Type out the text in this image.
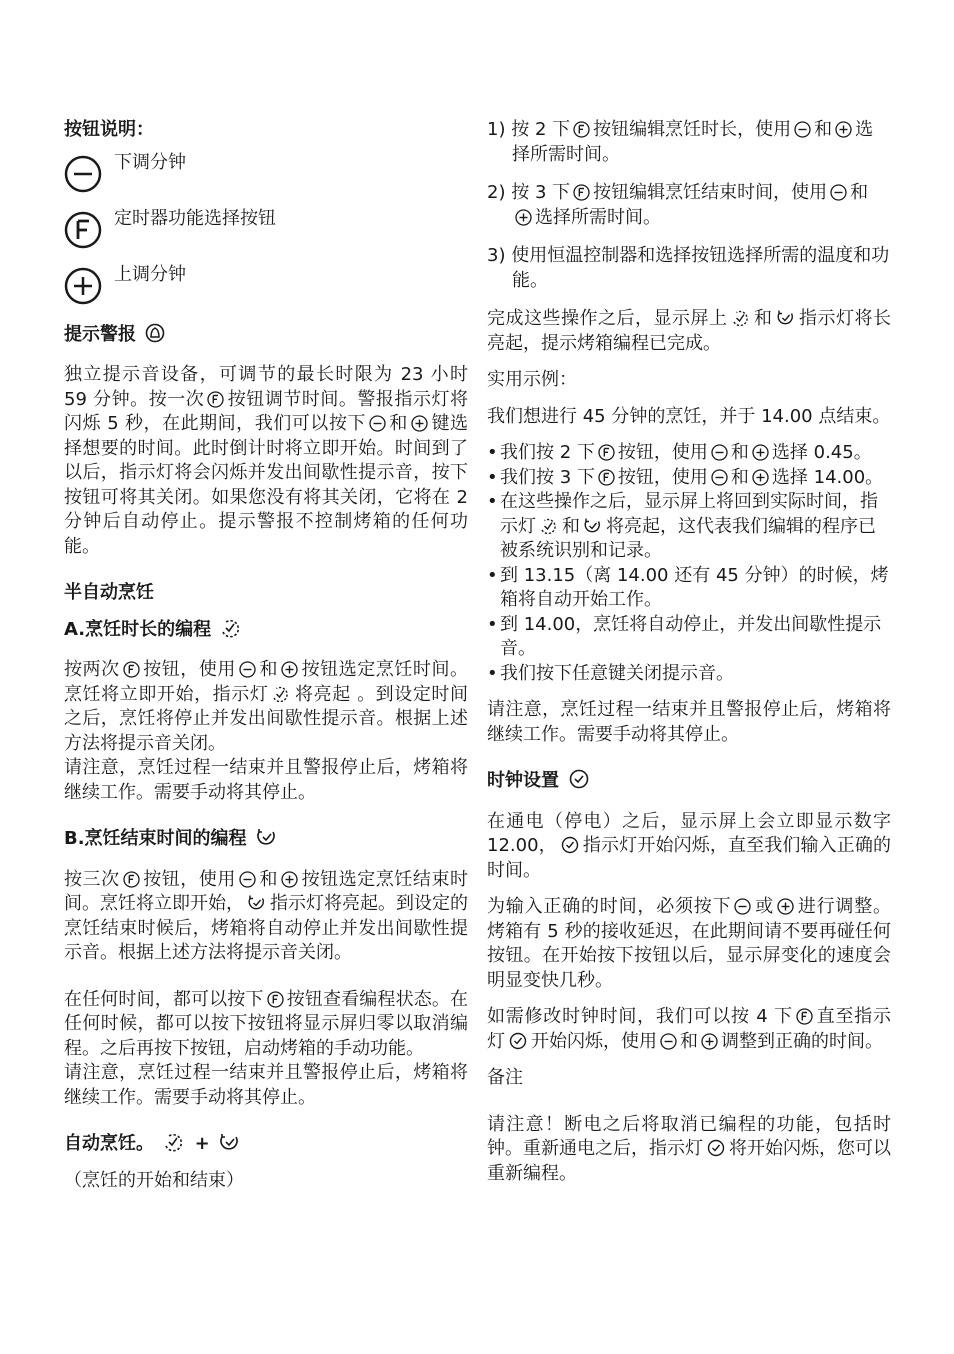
按钮说明：
下调分钟
定时器功能选择按钮
上调分钟
提示警报

独立提示音设备，可调节的最长时限为 23 小时 59 分钟。按一次 按钮调节时间。警报指示灯将闪烁 5 秒，在此期间，我们可以按下 和 键选择想要的时间。此时倒计时将立即开始。时间到了以后，指示灯将会闪烁并发出间歇性提示音，按下按钮可将其关闭。如果您没有将其关闭，它将在 2 分钟后自动停止。提示警报不控制烤箱的任何功能。

半自动烹饪
A.烹饪时长的编程

按两次 按钮，使用 和 按钮选定烹饪时间。烹饪将立即开始，指示灯 将亮起 。到设定时间之后，烹饪将停止并发出间歇性提示音。根据上述方法将提示音关闭。

请注意，烹饪过程一结束并且警报停止后，烤箱将继续工作。需要手动将其停止。

B.烹饪结束时间的编程

按三次 按钮，使用 和 按钮选定烹饪结束时间。烹饪将立即开始， 指示灯将亮起。到设定的烹饪结束时候后，烤箱将自动停止并发出间歇性提示音。根据上述方法将提示音关闭。

在任何时间，都可以按下 按钮查看编程状态。在任何时候，都可以按下按钮将显示屏归零以取消编程。之后再按下按钮，启动烤箱的手动功能。

请注意，烹饪过程一结束并且警报停止后，烤箱将继续工作。需要手动将其停止。

自动烹饪。 +

（烹饪的开始和结束）

1) 按 2 下 按钮编辑烹饪时长，使用 和 选择所需时间。
2) 按 3 下 按钮编辑烹饪结束时间，使用 和选择所需时间。
3) 使用恒温控制器和选择按钮选择所需的温度和功能。

完成这些操作之后，显示屏上 和 指示灯将长亮起，提示烤箱编程已完成。

实用示例：

我们想进行 45 分钟的烹饪，并于 14.00 点结束。

• 我们按 2 下 按钮，使用 和 选择 0.45。
• 我们按 3 下 按钮，使用 和 选择 14.00。
• 在这些操作之后，显示屏上将回到实际时间，指示灯 和 将亮起，这代表我们编辑的程序已被系统识别和记录。
• 到 13.15（离 14.00 还有 45 分钟）的时候，烤箱将自动开始工作。
• 到 14.00，烹饪将自动停止，并发出间歇性提示音。
• 我们按下任意键关闭提示音。

请注意，烹饪过程一结束并且警报停止后，烤箱将继续工作。需要手动将其停止。

时钟设置

在通电（停电）之后，显示屏上会立即显示数字 12.00， 指示灯开始闪烁，直至我们输入正确的时间。

为输入正确的时间，必须按下 或 进行调整。烤箱有 5 秒的接收延迟，在此期间请不要再碰任何按钮。在开始按下按钮以后，显示屏变化的速度会明显变快几秒。

如需修改时钟时间，我们可以按 4 下 直至指示灯 开始闪烁，使用 和 调整到正确的时间。

备注

请注意！断电之后将取消已编程的功能，包括时钟。重新通电之后，指示灯 将开始闪烁，您可以重新编程。
